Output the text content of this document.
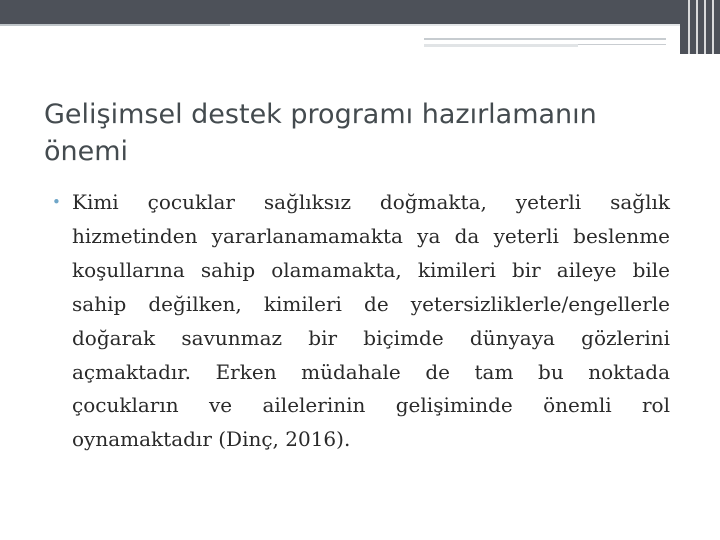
Gelişimsel destek programı hazırlamanın önemi
• Kimi çocuklar sağlıksız doğmakta, yeterli sağlık hizmetinden yararlanamamakta ya da yeterli beslenme koşullarına sahip olamamakta, kimileri bir aileye bile sahip değilken, kimileri de yetersizliklerle/engellerle doğarak savunmaz bir biçimde dünyaya gözlerini açmaktadır. Erken müdahale de tam bu noktada çocukların ve ailelerinin gelişiminde önemli rol oynamaktadır (Dinç, 2016).
